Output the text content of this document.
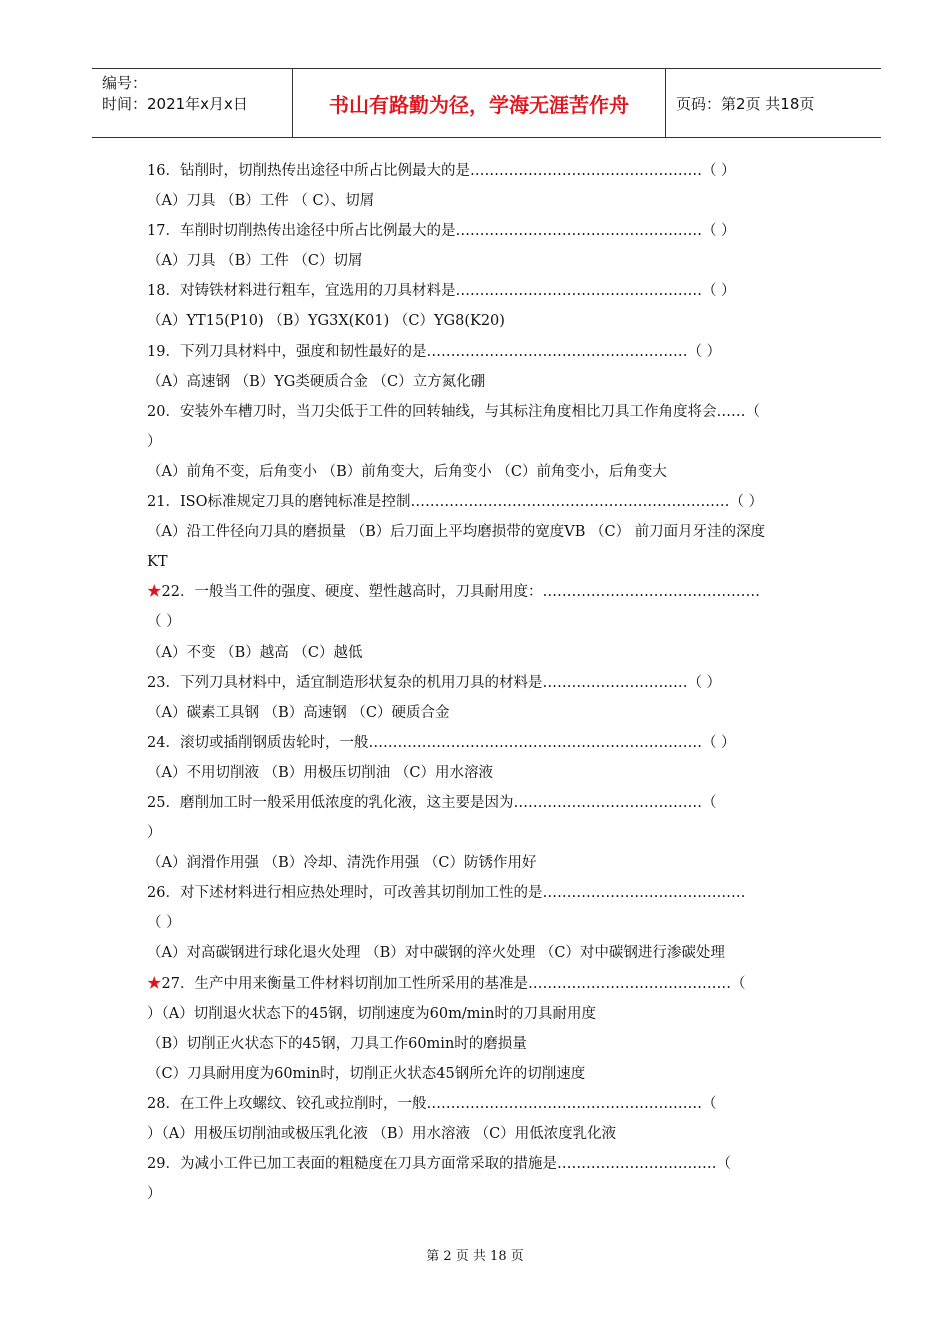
编号：
时间：2021年x月x日	书山有路勤为径，学海无涯苦作舟	页码：第2页 共18页
16．钻削时，切削热传出途径中所占比例最大的是…………………………………………（ ）
（A）刀具 （B）工件 （ C）、切屑
17．车削时切削热传出途径中所占比例最大的是……………………………………………（ ）
（A）刀具 （B）工件 （C）切屑
18．对铸铁材料进行粗车，宜选用的刀具材料是……………………………………………（ ）
（A）YT15(P10) （B）YG3X(K01) （C）YG8(K20)
19．下列刀具材料中，强度和韧性最好的是………………………………………………（ ）
（A）高速钢 （B）YG类硬质合金 （C）立方氮化硼
20．安装外车槽刀时，当刀尖低于工件的回转轴线，与其标注角度相比刀具工作角度将会……（
）
（A）前角不变，后角变小 （B）前角变大，后角变小 （C）前角变小，后角变大
21．ISO标准规定刀具的磨钝标准是控制…………………………………………………………（ ）
（A）沿工件径向刀具的磨损量 （B）后刀面上平均磨损带的宽度VB （C） 前刀面月牙洼的深度
KT
★22．一般当工件的强度、硬度、塑性越高时，刀具耐用度：………………………………………
（ ）
（A）不变 （B）越高 （C）越低
23．下列刀具材料中，适宜制造形状复杂的机用刀具的材料是…………………………（ ）
（A）碳素工具钢 （B）高速钢 （C）硬质合金
24．滚切或插削钢质齿轮时，一般……………………………………………………………（ ）
（A）不用切削液 （B）用极压切削油 （C）用水溶液
25．磨削加工时一般采用低浓度的乳化液，这主要是因为…………………………………（
）
（A）润滑作用强 （B）冷却、清洗作用强 （C）防锈作用好
26．对下述材料进行相应热处理时，可改善其切削加工性的是……………………………………
（ ）
（A）对高碳钢进行球化退火处理 （B）对中碳钢的淬火处理 （C）对中碳钢进行渗碳处理
★27．生产中用来衡量工件材料切削加工性所采用的基准是……………………………………（
）（A）切削退火状态下的45钢，切削速度为60m/min时的刀具耐用度
（B）切削正火状态下的45钢，刀具工作60min时的磨损量
（C）刀具耐用度为60min时，切削正火状态45钢所允许的切削速度
28．在工件上攻螺纹、铰孔或拉削时，一般…………………………………………………（
）（A）用极压切削油或极压乳化液 （B）用水溶液 （C）用低浓度乳化液
29．为减小工件已加工表面的粗糙度在刀具方面常采取的措施是……………………………（
）
第 2 页 共 18 页
